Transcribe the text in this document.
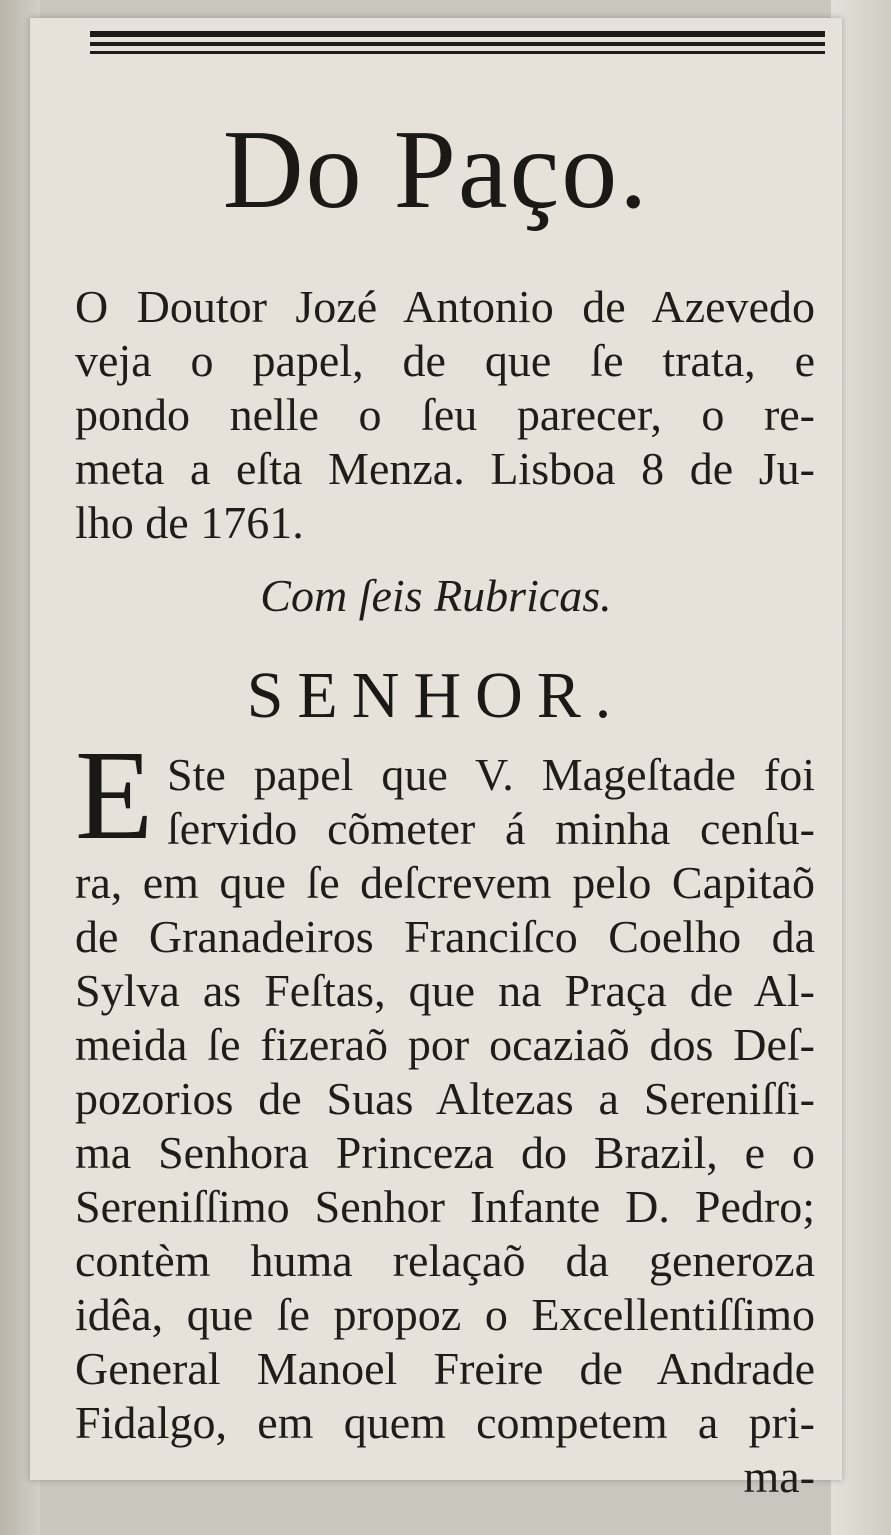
Do Paço.
O Doutor Jozé Antonio de Azevedo
veja o papel, de que ſe trata, e
pondo nelle o ſeu parecer, o re-
meta a eſta Menza. Lisboa 8 de Ju-
lho de 1761.

Com ſeis Rubricas.

SENHOR.
E Ste papel que V. Mageſtade foi
ſervido cõmeter á minha cenſu-
ra, em que ſe deſcrevem pelo Capitaõ
de Granadeiros Franciſco Coelho da
Sylva as Feſtas, que na Praça de Al-
meida ſe fizeraõ por ocaziaõ dos Deſ-
pozorios de Suas Altezas a Sereniſſi-
ma Senhora Princeza do Brazil, e o
Sereniſſimo Senhor Infante D. Pedro;
contèm huma relaçaõ da generoza
idêa, que ſe propoz o Excellentiſſimo
General Manoel Freire de Andrade
Fidalgo, em quem competem a pri-
ma-
